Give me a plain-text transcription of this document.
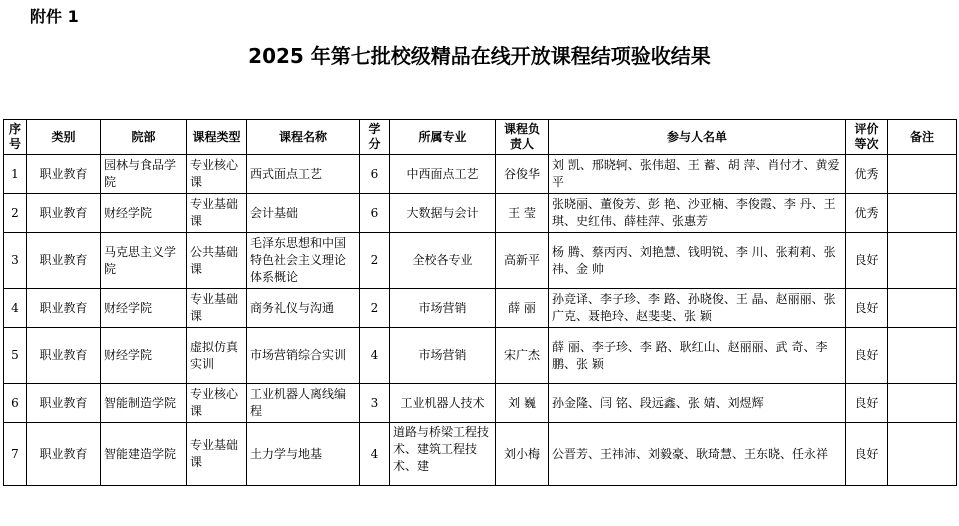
附件 1
2025 年第七批校级精品在线开放课程结项验收结果
序号	类别	院部	课程类型	课程名称	学分	所属专业	课程负责人	参与人名单	评价等次	备注
1	职业教育	园林与食品学院	专业核心课	西式面点工艺	6	中西面点工艺	谷俊华	刘 凯、邢晓轲、张伟超、王 蓄、胡 萍、肖付才、黄爱平	优秀	
2	职业教育	财经学院	专业基础课	会计基础	6	大数据与会计	王 莹	张晓丽、董俊芳、彭 艳、沙亚楠、李俊霞、李 丹、王 琪、史红伟、薛桂萍、张惠芳	优秀	
3	职业教育	马克思主义学院	公共基础课	毛泽东思想和中国特色社会主义理论体系概论	2	全校各专业	高新平	杨 腾、蔡丙丙、刘艳慧、钱明锐、李 川、张莉莉、张 祎、金 帅	良好	
4	职业教育	财经学院	专业基础课	商务礼仪与沟通	2	市场营销	薛 丽	孙竞译、李子珍、李 路、孙晓俊、王 晶、赵丽丽、张广克、聂艳玲、赵斐斐、张 颖	良好	
5	职业教育	财经学院	虚拟仿真实训	市场营销综合实训	4	市场营销	宋广杰	薛 丽、李子珍、李 路、耿红山、赵丽丽、武 奇、李 鹏、张 颖	良好	
6	职业教育	智能制造学院	专业核心课	工业机器人离线编程	3	工业机器人技术	刘 巍	孙金隆、闫 铭、段远鑫、张 婧、刘煜辉	良好	
7	职业教育	智能建造学院	专业基础课	土力学与地基	4	道路与桥梁工程技术、建筑工程技术、建	刘小梅	公晋芳、王祎沛、刘毅豪、耿琦慧、王东晓、任永祥	良好	
